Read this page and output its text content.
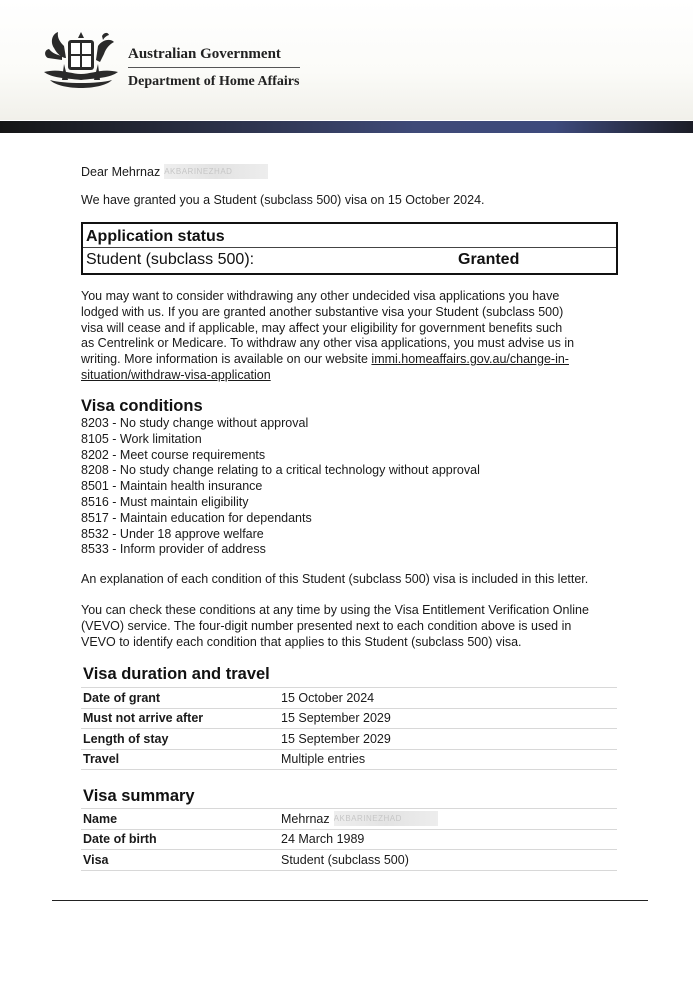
Australian Government
Department of Home Affairs

Dear Mehrnaz AKBARINEZHAD

We have granted you a Student (subclass 500) visa on 15 October 2024.

Application status
Student (subclass 500):	Granted
You may want to consider withdrawing any other undecided visa applications you have
lodged with us. If you are granted another substantive visa your Student (subclass 500)
visa will cease and if applicable, may affect your eligibility for government benefits such
as Centrelink or Medicare. To withdraw any other visa applications, you must advise us in
writing. More information is available on our website immi.homeaffairs.gov.au/change-in-
situation/withdraw-visa-application
Visa conditions
8203 - No study change without approval
8105 - Work limitation
8202 - Meet course requirements
8208 - No study change relating to a critical technology without approval
8501 - Maintain health insurance
8516 - Must maintain eligibility
8517 - Maintain education for dependants
8532 - Under 18 approve welfare
8533 - Inform provider of address

An explanation of each condition of this Student (subclass 500) visa is included in this letter.

You can check these conditions at any time by using the Visa Entitlement Verification Online
(VEVO) service. The four-digit number presented next to each condition above is used in
VEVO to identify each condition that applies to this Student (subclass 500) visa.
Visa duration and travel
Date of grant	15 October 2024
Must not arrive after	15 September 2029
Length of stay	15 September 2029
Travel	Multiple entries
Visa summary
Name	Mehrnaz AKBARINEZHAD
Date of birth	24 March 1989
Visa	Student (subclass 500)
